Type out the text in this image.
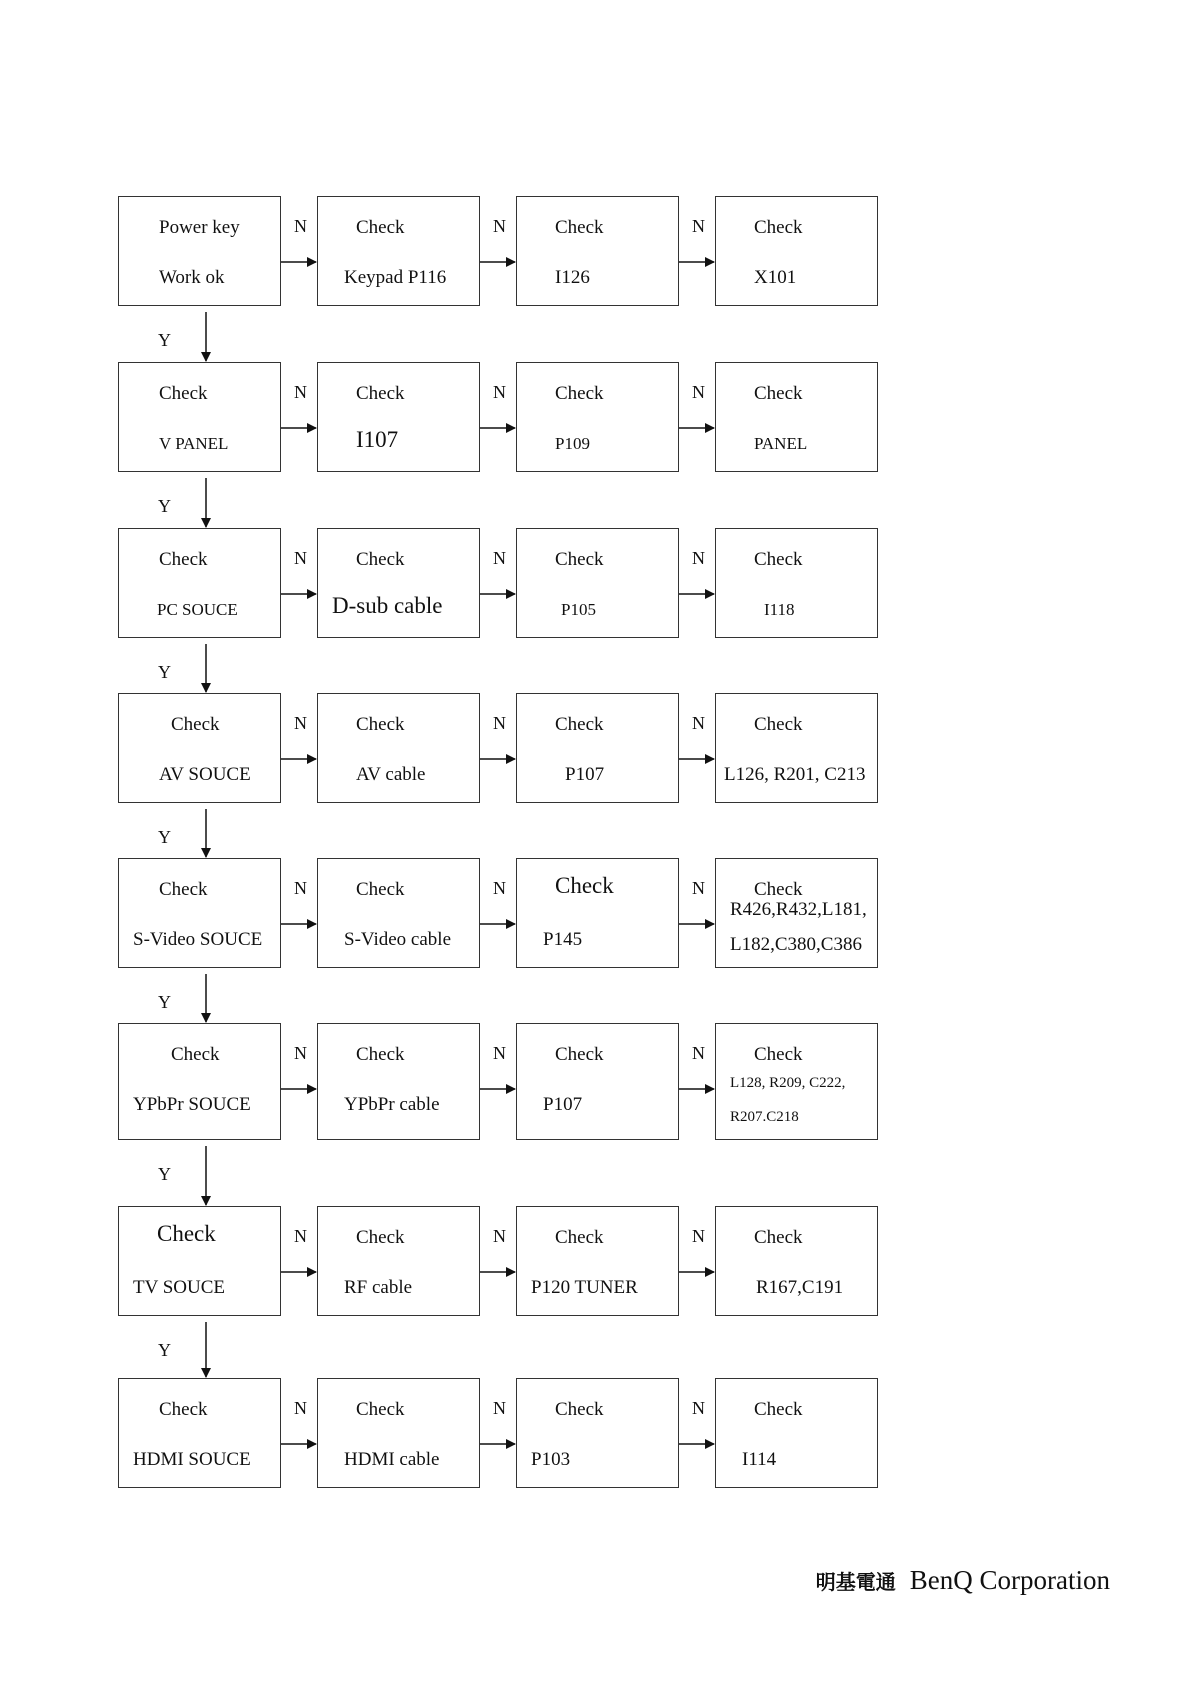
Power key
Work ok
N	Check
Keypad P116
N	Check
I126
N	Check
X101
Y
Check
V PANEL
N	Check
I107
N	Check
P109
N	Check
PANEL
Y
Check
PC SOUCE
N	Check
D-sub cable
N	Check
P105
N	Check
I118
Y
Check
AV SOUCE
N	Check
AV cable
N	Check
P107
N	Check
L126, R201, C213
Y
Check
S-Video SOUCE
N	Check
S-Video cable
N Check
P145
N	Check
R426,R432,L181,
L182,C380,C386
Y
Check
YPbPr SOUCE
N	Check
YPbPr cable
N	Check
P107
N	Check
L128, R209, C222,
R207.C218
Y
Check
TV SOUCE
N	Check
RF cable
N	Check
P120 TUNER
N	Check
R167,C191
Y
Check
HDMI SOUCE
N	Check
HDMI cable
N	Check
P103
N	Check
I114
明基電通 BenQ Corporation
